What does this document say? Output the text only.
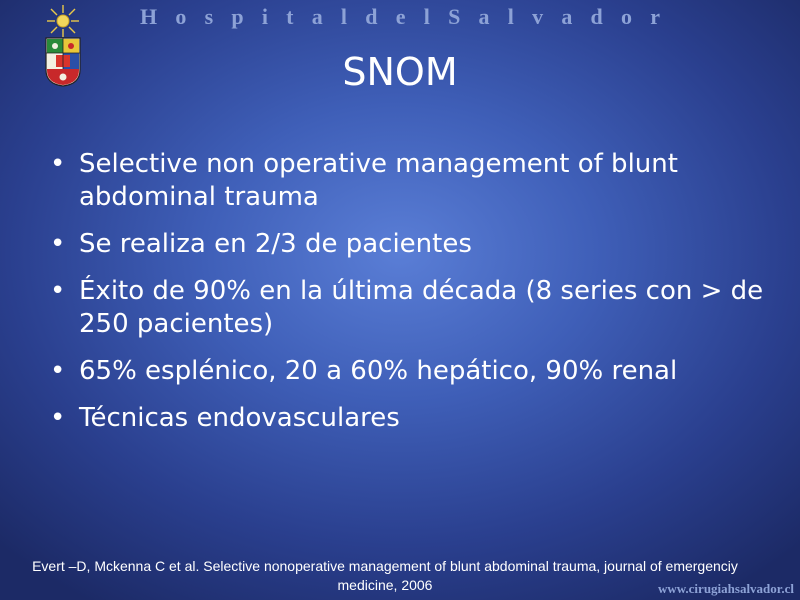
H o s p i t a l d e l S a l v a d o r
SNOM
• Selective non operative management of blunt abdominal trauma
• Se realiza en 2/3 de pacientes
• Éxito de 90% en la última década (8 series con > de 250 pacientes)
• 65% esplénico, 20 a 60% hepático, 90% renal
• Técnicas endovasculares
Evert –D, Mckenna C et al. Selective nonoperative management of blunt abdominal trauma, journal of emergenciy medicine, 2006	www.cirugiahsalvador.cl
